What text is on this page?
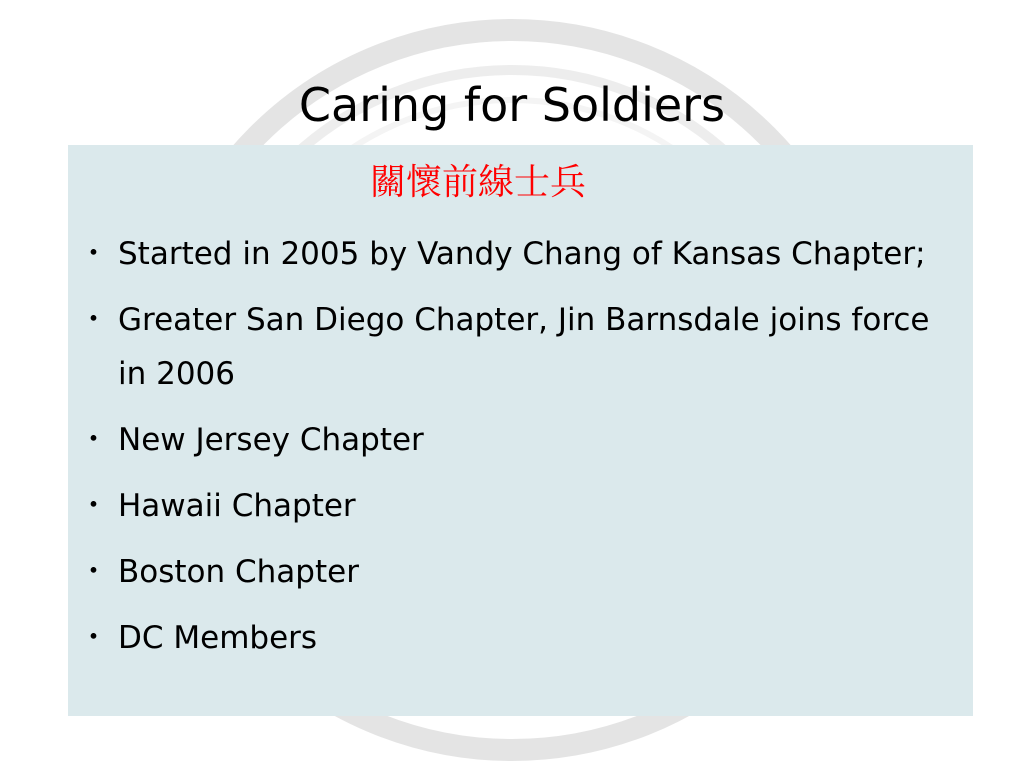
Caring for Soldiers
關懷前線士兵
・ Started in 2005 by Vandy Chang of Kansas Chapter;
・ Greater San Diego Chapter, Jin Barnsdale joins force in 2006
・ New Jersey Chapter
・ Hawaii Chapter
・ Boston Chapter
・ DC Members
